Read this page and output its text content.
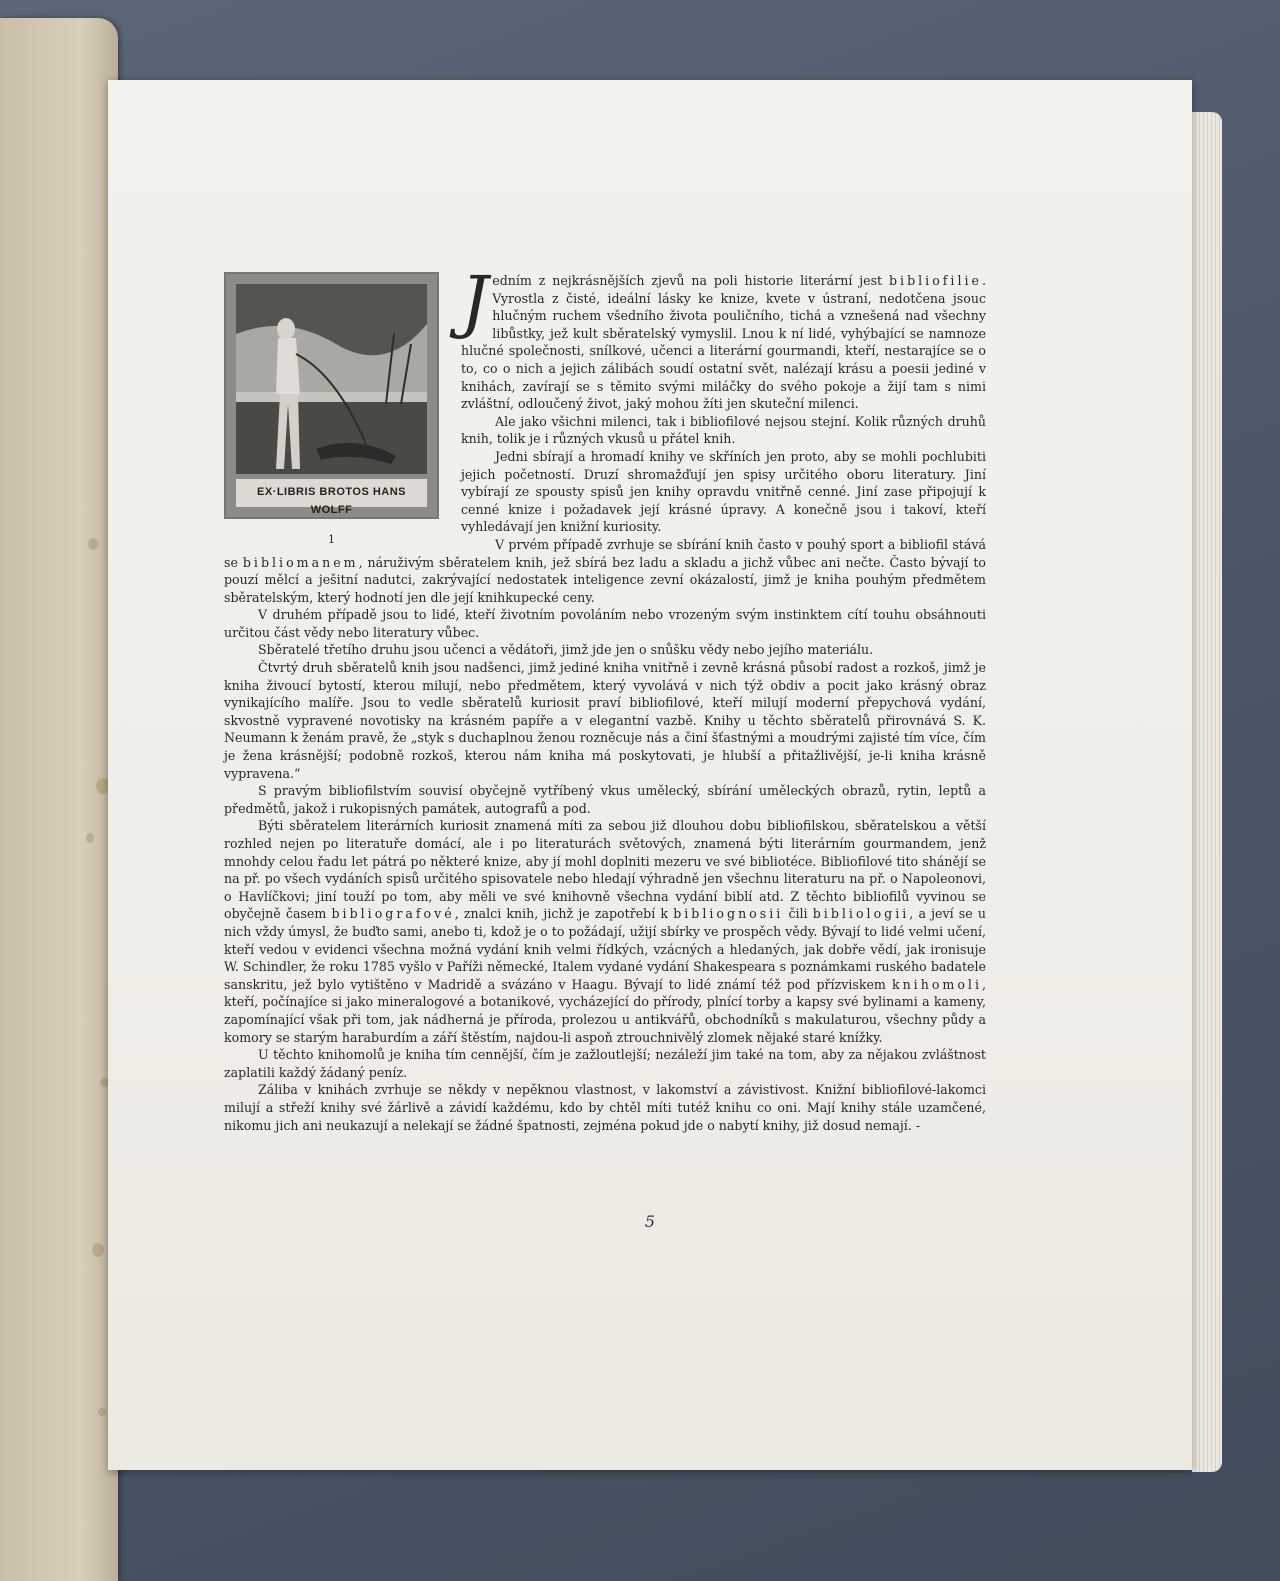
EX·LIBRIS BROTOS HANS WOLFF
1

Jedním z nejkrásnějších zjevů na poli historie literární jest bibliofilie. Vyrostla z čisté, ideální lásky ke knize, kvete v ústraní, nedotčena jsouc hlučným ruchem všedního života pouličního, tichá a vznešená nad všechny libůstky, jež kult sběratelský vymyslil. Lnou k ní lidé, vyhýbající se namnoze hlučné společnosti, snílkové, učenci a literární gourmandi, kteří, nestarajíce se o to, co o nich a jejich zálibách soudí ostatní svět, nalézají krásu a poesii jediné v knihách, zavírají se s těmito svými miláčky do svého pokoje a žijí tam s nimi zvláštní, odloučený život, jaký mohou žíti jen skuteční milenci.

Ale jako všichni milenci, tak i bibliofilové nejsou stejní. Kolik různých druhů knih, tolik je i různých vkusů u přátel knih.

Jedni sbírají a hromadí knihy ve skříních jen proto, aby se mohli pochlubiti jejich početností. Druzí shromažďují jen spisy určitého oboru literatury. Jiní vybírají ze spousty spisů jen knihy opravdu vnitřně cenné. Jiní zase připojují k cenné knize i požadavek její krásné úpravy. A konečně jsou i takoví, kteří vyhledávají jen knižní kuriosity.

V prvém případě zvrhuje se sbírání knih často v pouhý sport a bibliofil stává se bibliomanem, náruživým sběratelem knih, jež sbírá bez ladu a skladu a jichž vůbec ani nečte. Často bývají to pouzí mělcí a ješitní nadutci, zakrývající nedostatek inteligence zevní okázalostí, jimž je kniha pouhým předmětem sběratelským, který hodnotí jen dle její knihkupecké ceny.

V druhém případě jsou to lidé, kteří životním povoláním nebo vrozeným svým instinktem cítí touhu obsáhnouti určitou část vědy nebo literatury vůbec.

Sběratelé třetího druhu jsou učenci a vědátoři, jimž jde jen o snůšku vědy nebo jejího materiálu.

Čtvrtý druh sběratelů knih jsou nadšenci, jimž jediné kniha vnitřně i zevně krásná působí radost a rozkoš, jimž je kniha živoucí bytostí, kterou milují, nebo předmětem, který vyvolává v nich týž obdiv a pocit jako krásný obraz vynikajícího malíře. Jsou to vedle sběratelů kuriosit praví bibliofilové, kteří milují moderní přepychová vydání, skvostně vypravené novotisky na krásném papíře a v elegantní vazbě. Knihy u těchto sběratelů přirovnává S. K. Neumann k ženám pravě, že „styk s duchaplnou ženou rozněcuje nás a činí šťastnými a moudrými zajisté tím více, čím je žena krásnější; podobně rozkoš, kterou nám kniha má poskytovati, je hlubší a přitažlivější, je-li kniha krásně vypravena.“

S pravým bibliofilstvím souvisí obyčejně vytříbený vkus umělecký, sbírání uměleckých obrazů, rytin, leptů a předmětů, jakož i rukopisných památek, autografů a pod.

Býti sběratelem literárních kuriosit znamená míti za sebou již dlouhou dobu bibliofilskou, sběratelskou a větší rozhled nejen po literatuře domácí, ale i po literaturách světových, znamená býti literárním gourmandem, jenž mnohdy celou řadu let pátrá po některé knize, aby jí mohl doplniti mezeru ve své bibliotéce. Bibliofilové tito shánějí se na př. po všech vydáních spisů určitého spisovatele nebo hledají výhradně jen všechnu literaturu na př. o Napoleonovi, o Havlíčkovi; jiní touží po tom, aby měli ve své knihovně všechna vydání biblí atd. Z těchto bibliofilů vyvinou se obyčejně časem bibliografové, znalci knih, jichž je zapotřebí k bibliognosii čili bibliologii, a jeví se u nich vždy úmysl, že buďto sami, anebo ti, kdož je o to požádají, užijí sbírky ve prospěch vědy. Bývají to lidé velmi učení, kteří vedou v evidenci všechna možná vydání knih velmi řídkých, vzácných a hledaných, jak dobře vědí, jak ironisuje W. Schindler, že roku 1785 vyšlo v Paříži německé, Italem vydané vydání Shakespeara s poznámkami ruského badatele sanskritu, jež bylo vytištěno v Madridě a svázáno v Haagu. Bývají to lidé známí též pod přízviskem knihomoli, kteří, počínajíce si jako mineralogové a botanikové, vycházející do přírody, plnící torby a kapsy své bylinami a kameny, zapomínající však při tom, jak nádherná je příroda, prolezou u antikvářů, obchodníků s makulaturou, všechny půdy a komory se starým haraburdím a září štěstím, najdou-li aspoň ztrouchnivělý zlomek nějaké staré knížky.

U těchto knihomolů je kniha tím cennější, čím je zažloutlejší; nezáleží jim také na tom, aby za nějakou zvláštnost zaplatili každý žádaný peníz.

Záliba v knihách zvrhuje se někdy v nepěknou vlastnost, v lakomství a závistivost. Knižní bibliofilové-lakomci milují a střeží knihy své žárlivě a závidí každému, kdo by chtěl míti tutéž knihu co oni. Mají knihy stále uzamčené, nikomu jich ani neukazují a nelekají se žádné špatnosti, zejména pokud jde o nabytí knihy, již dosud nemají. -

5
